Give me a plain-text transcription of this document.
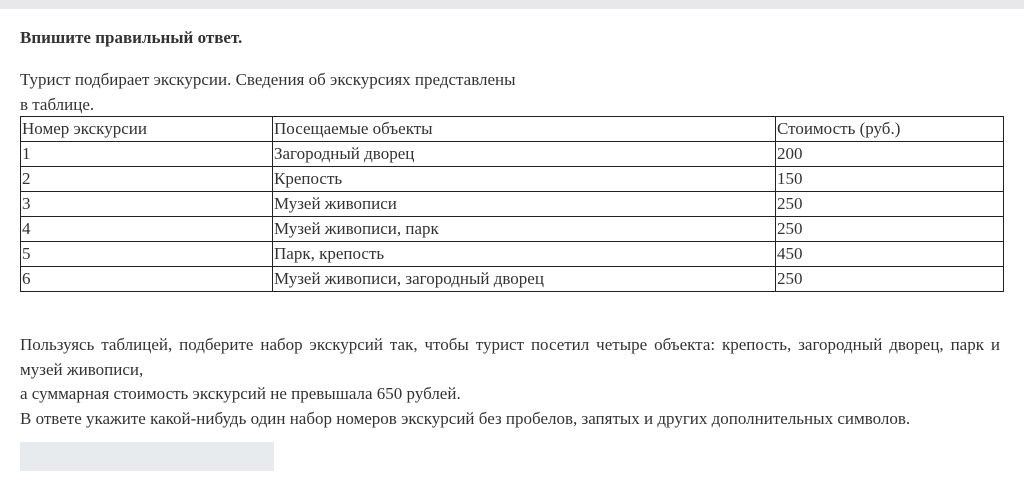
Впишите правильный ответ.
Турист подбирает экскурсии. Сведения об экскурсиях представлены
в таблице.
Номер экскурсии	Посещаемые объекты	Стоимость (руб.)
1	Загородный дворец	200
2	Крепость	150
3	Музей живописи	250
4	Музей живописи, парк	250
5	Парк, крепость	450
6	Музей живописи, загородный дворец	250

Пользуясь таблицей, подберите набор экскурсий так, чтобы турист посетил четыре объекта: крепость, загородный дворец, парк и музей живописи,

а суммарная стоимость экскурсий не превышала 650 рублей.

В ответе укажите какой-нибудь один набор номеров экскурсий без пробелов, запятых и других дополнительных символов.
